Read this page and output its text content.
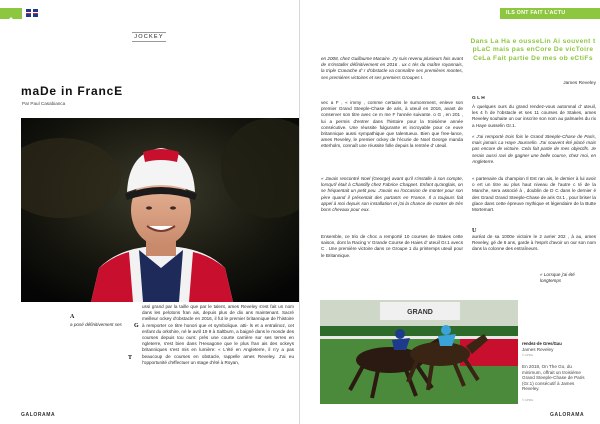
ILS ONT FAIT L'ACTU
JOCKEY
maDe in FrancE
Par Paul Casabianca
A
a posé définitivement ses	G
T
ussi grand par la taille que par le talent, ames Reveley s'est fait un nom dans les pelotons fran ais, depuis plus de dix ans maintenant. Sacré meilleur ockey d'obstacle en 2016, il fut le premier britannique de l'histoire à remporter ce titre honori que et symbolique. atti- ls et a entralinoz, cet enfant du orkshire, né le avril 19 9 à Saltburn, a baigné dans le monde des courses depuis tou ours: près une courte carrière sur ses terres en ngleterre, s'est bien dans l'Hexagone que le plus fran ais des ockeys britanniques s'est mis en lumière: « L'été en Angleterre, il n'y a pas beaucoup de courses en obstacle, rappelle ames Reveley. J'ai eu l'opportunité d'effectuer un stage d'été à Royan,
GALORAMA
en 2008, chez Guillaume Macaire. J'y suis revenu plusieurs fois avant de m'installer définitivement en 2016 . ux c tés du maître royannais, la triple Cravache d' r d'obstacle va connaître ses premières montes, ses premières victoires et ses premiers Groupes I.
vec a F , « immy , comme certains le surnomment, enleve son premier Grand Steeple-Chase de aris, à uteuil en 2016, avant de conserver son titre avec ce m me F l'année suivante. o G , en 201 , lui a permis d'entrer dans l'histoire pour la troisième année consécutive. Une réussite fulgurante et incroyable pour ce euve britannique aussi sympathique que talentueux. Bien que free-lance, ames Reveley, le premier ockey de l'écurie de Noel George manda etterholm, connaît une réussite folle depuis la rentrée d' uteuil.
« Javais rencontré Noel (George) avant qu'il s'installe à son compte, lorsqu'il était à Chantilly chez Fabrice Chappet. Enfant qu'anglais, on se fréquentait un petit peu. J'avais eu l'occasion de monter pour son père quand il présentait des partants en France. Il a toujours fait appel à moi depuis son installation et j'ai la chance de monter de très bons chevaux pour eux.
Ensemble, ce trio de choc a remporté 10 courses de Stakes cette saison, dont la Racing V Grande Course de Haies d' uteuil Gr.1 avecs C . Une première victoire dans ce Groupe 1 du printemps uteuil pour le Britannique.
Dans La Ha e ousseLin Ai souvent t pLaC mais pas enCore De vicToire CeLa Fait partie De mes ob eCtiFs
James Reveley
G L H
À quelques ours du grand rendez-vous automnal d' uteuil, les 4 h de l'obstacle et ses 11 courses de Stakes, ames Reveley souhaite un our inscrire son nom au palmarès du rix a Haye ousselin Gr.1.
« J'ai remporté trois fois le Grand Steeple-Chase de Paris, mais jamais La Haye Jousselin. J'ai souvent été placé mais pas encore de victoire. Cela fait partie de mes objectifs. Je serais aussi ravi de gagner une belle course, chez moi, en Angleterre.
« partenaire du champion Il Est ran ais, le dernier à lui avoir o ert un titre au plus haut niveau de l'autre c té de la Manche, sera associé à , doublin de D C dans le dernier é des Grand Grand Steeple-Chase de aris Gr.1 , pour briser la glace dans cette épreuve mythique et légendaire de la Butte Mortemart.
U
auréat de sa 1000e victoire le 2 avrier 202 , à au, ames Reveley, gé de 6 ans, garde à l'esprit d'avoir un our son nom dans la colonne des entraîneurs.
« Lorsque j'ai été longtemps
GRAND
rendez-de Gres/Gau
James Reveley
© APRH
En 2018, On The Go, du minimum, offrait un troisième Grand Steeple-Chase de Paris (Gr.1) consécutif à James Reveley.
© APRH
GALORAMA
